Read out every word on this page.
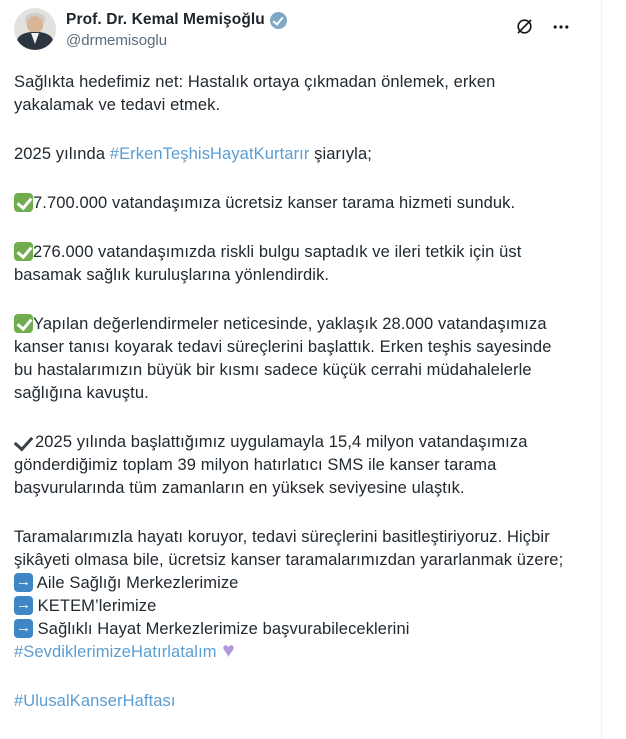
Prof. Dr. Kemal Memişoğlu
@drmemisoglu

Sağlıkta hedefimiz net: Hastalık ortaya çıkmadan önlemek, erken yakalamak ve tedavi etmek.

2025 yılında #ErkenTeşhisHayatKurtarır şiarıyla;

7.700.000 vatandaşımıza ücretsiz kanser tarama hizmeti sunduk.

276.000 vatandaşımızda riskli bulgu saptadık ve ileri tetkik için üst basamak sağlık kuruluşlarına yönlendirdik.

Yapılan değerlendirmeler neticesinde, yaklaşık 28.000 vatandaşımıza kanser tanısı koyarak tedavi süreçlerini başlattık. Erken teşhis sayesinde bu hastalarımızın büyük bir kısmı sadece küçük cerrahi müdahalelerle sağlığına kavuştu.

2025 yılında başlattığımız uygulamayla 15,4 milyon vatandaşımıza gönderdiğimiz toplam 39 milyon hatırlatıcı SMS ile kanser tarama başvurularında tüm zamanların en yüksek seviyesine ulaştık.

Taramalarımızla hayatı koruyor, tedavi süreçlerini basitleştiriyoruz. Hiçbir şikâyeti olmasa bile, ücretsiz kanser taramalarımızdan yararlanmak üzere;
→ Aile Sağlığı Merkezlerimize
→ KETEM’lerimize
→ Sağlıklı Hayat Merkezlerimize başvurabileceklerini
#SevdiklerimizeHatırlatalım ♥

#UlusalKanserHaftası
